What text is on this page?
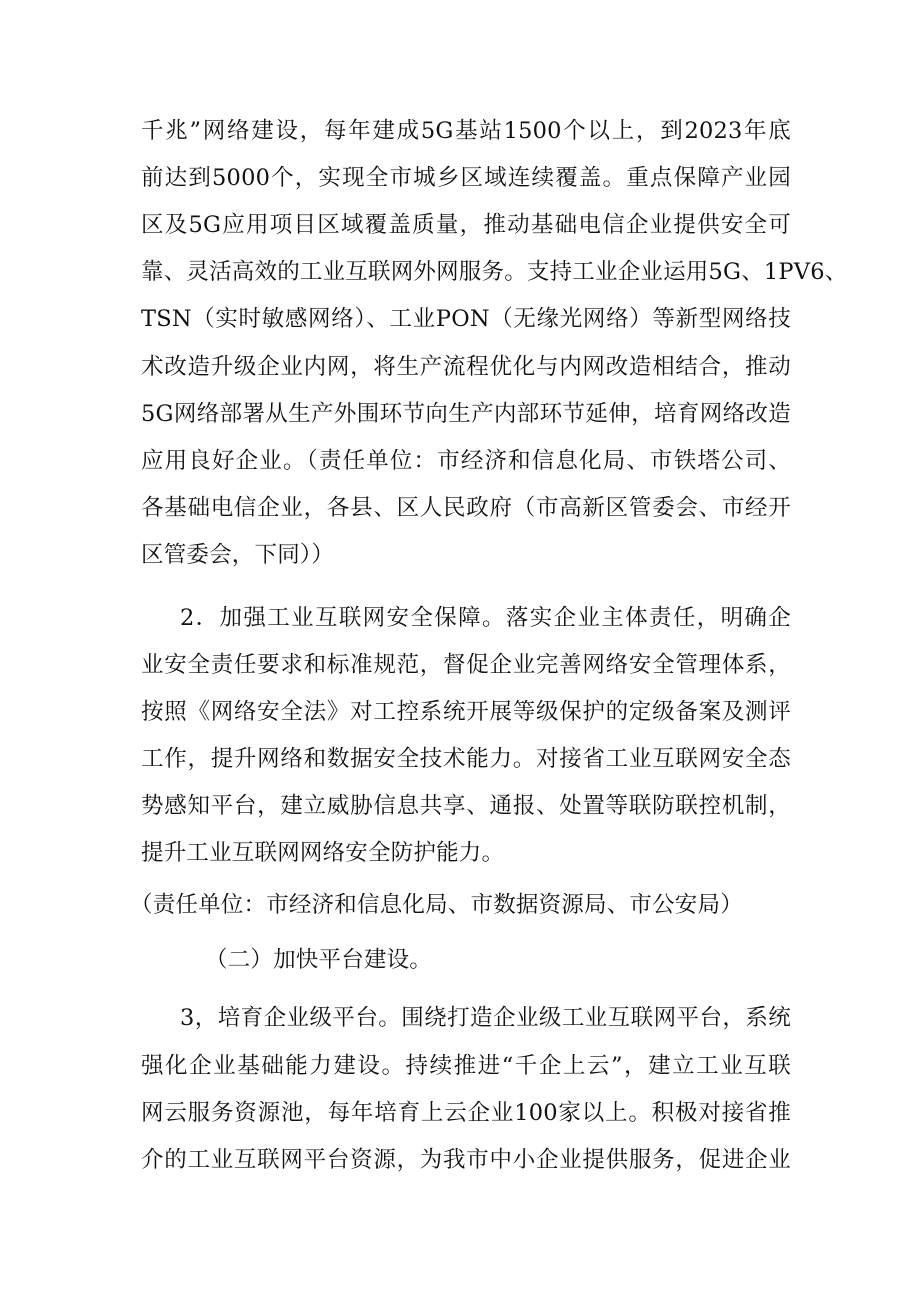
千兆”网络建设，每年建成5G基站1500个以上，到2023年底
前达到5000个，实现全市城乡区域连续覆盖。重点保障产业园
区及5G应用项目区域覆盖质量，推动基础电信企业提供安全可
靠、灵活高效的工业互联网外网服务。支持工业企业运用5G、1PV6、
TSN（实时敏感网络）、工业PON（无缘光网络）等新型网络技
术改造升级企业内网，将生产流程优化与内网改造相结合，推动
5G网络部署从生产外围环节向生产内部环节延伸，培育网络改造
应用良好企业。（责任单位：市经济和信息化局、市铁塔公司、
各基础电信企业，各县、区人民政府（市高新区管委会、市经开
区管委会，下同））
2．加强工业互联网安全保障。落实企业主体责任，明确企
业安全责任要求和标准规范，督促企业完善网络安全管理体系，
按照《网络安全法》对工控系统开展等级保护的定级备案及测评
工作，提升网络和数据安全技术能力。对接省工业互联网安全态
势感知平台，建立威胁信息共享、通报、处置等联防联控机制，
提升工业互联网网络安全防护能力。
（责任单位：市经济和信息化局、市数据资源局、市公安局）
（二）加快平台建设。
3，培育企业级平台。围绕打造企业级工业互联网平台，系统
强化企业基础能力建设。持续推进“千企上云”，建立工业互联
网云服务资源池，每年培育上云企业100家以上。积极对接省推
介的工业互联网平台资源，为我市中小企业提供服务，促进企业
